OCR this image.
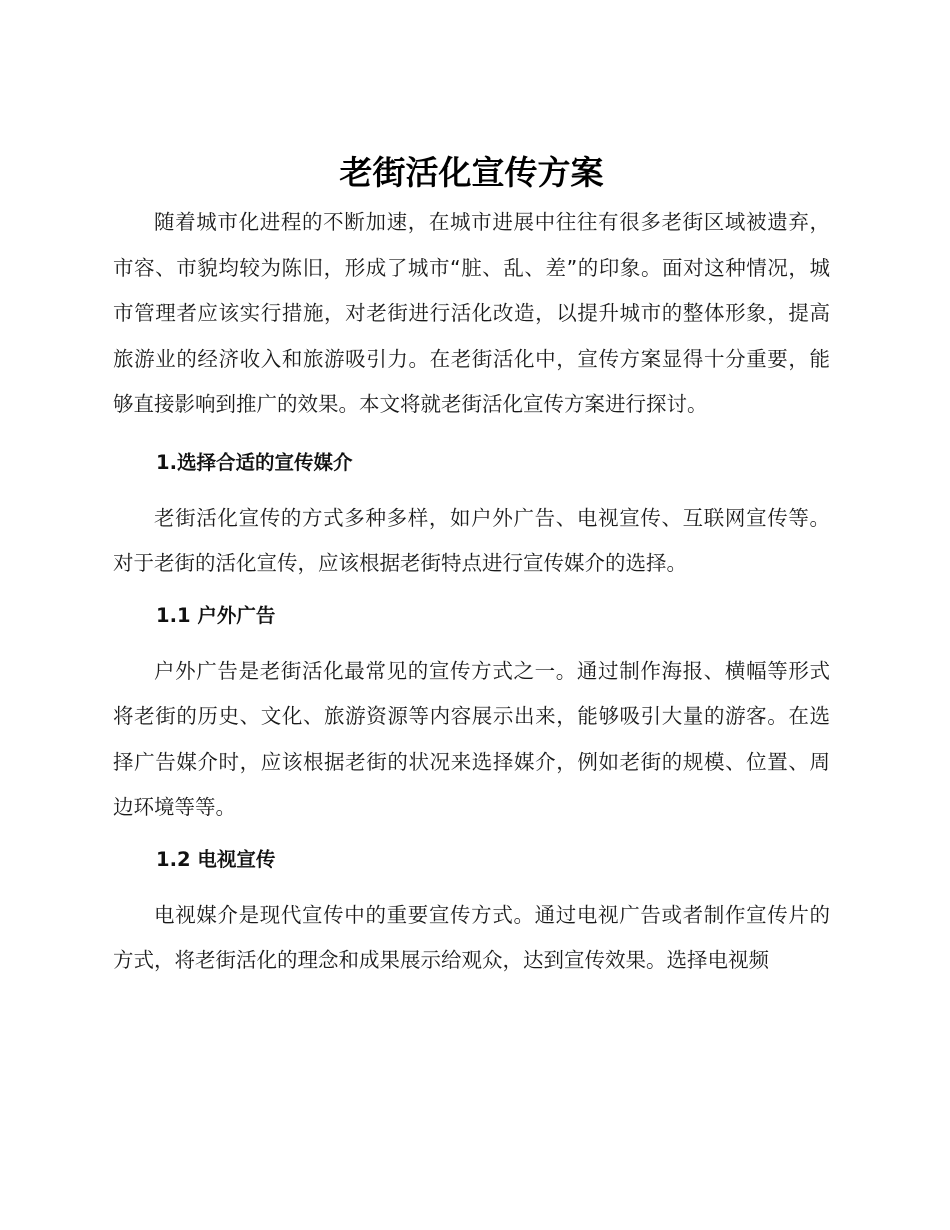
老街活化宣传方案

随着城市化进程的不断加速，在城市进展中往往有很多老街区域被遗弃，市容、市貌均较为陈旧，形成了城市“脏、乱、差”的印象。面对这种情况，城市管理者应该实行措施，对老街进行活化改造，以提升城市的整体形象，提高旅游业的经济收入和旅游吸引力。在老街活化中，宣传方案显得十分重要，能够直接影响到推广的效果。本文将就老街活化宣传方案进行探讨。

1.选择合适的宣传媒介

老街活化宣传的方式多种多样，如户外广告、电视宣传、互联网宣传等。对于老街的活化宣传，应该根据老街特点进行宣传媒介的选择。

1.1 户外广告

户外广告是老街活化最常见的宣传方式之一。通过制作海报、横幅等形式将老街的历史、文化、旅游资源等内容展示出来，能够吸引大量的游客。在选择广告媒介时，应该根据老街的状况来选择媒介，例如老街的规模、位置、周边环境等等。

1.2 电视宣传

电视媒介是现代宣传中的重要宣传方式。通过电视广告或者制作宣传片的方式，将老街活化的理念和成果展示给观众，达到宣传效果。选择电视频
